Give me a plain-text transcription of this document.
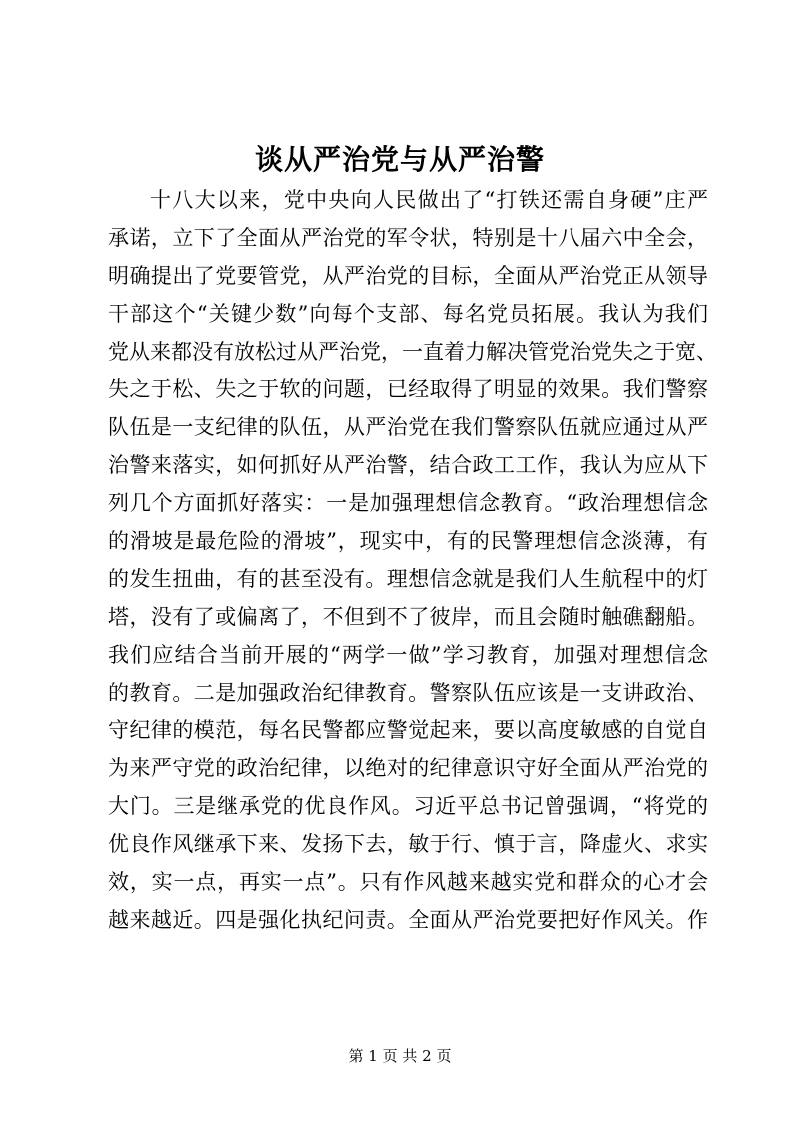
谈从严治党与从严治警
十八大以来，党中央向人民做出了“打铁还需自身硬”庄严
承诺，立下了全面从严治党的军令状，特别是十八届六中全会，
明确提出了党要管党，从严治党的目标，全面从严治党正从领导
干部这个“关键少数”向每个支部、每名党员拓展。我认为我们
党从来都没有放松过从严治党，一直着力解决管党治党失之于宽、
失之于松、失之于软的问题，已经取得了明显的效果。我们警察
队伍是一支纪律的队伍，从严治党在我们警察队伍就应通过从严
治警来落实，如何抓好从严治警，结合政工工作，我认为应从下
列几个方面抓好落实：一是加强理想信念教育。“政治理想信念
的滑坡是最危险的滑坡”，现实中，有的民警理想信念淡薄，有
的发生扭曲，有的甚至没有。理想信念就是我们人生航程中的灯
塔，没有了或偏离了，不但到不了彼岸，而且会随时触礁翻船。
我们应结合当前开展的“两学一做”学习教育，加强对理想信念
的教育。二是加强政治纪律教育。警察队伍应该是一支讲政治、
守纪律的模范，每名民警都应警觉起来，要以高度敏感的自觉自
为来严守党的政治纪律，以绝对的纪律意识守好全面从严治党的
大门。三是继承党的优良作风。习近平总书记曾强调，“将党的
优良作风继承下来、发扬下去，敏于行、慎于言，降虚火、求实
效，实一点，再实一点”。只有作风越来越实党和群众的心才会
越来越近。四是强化执纪问责。全面从严治党要把好作风关。作
第 1 页 共 2 页
